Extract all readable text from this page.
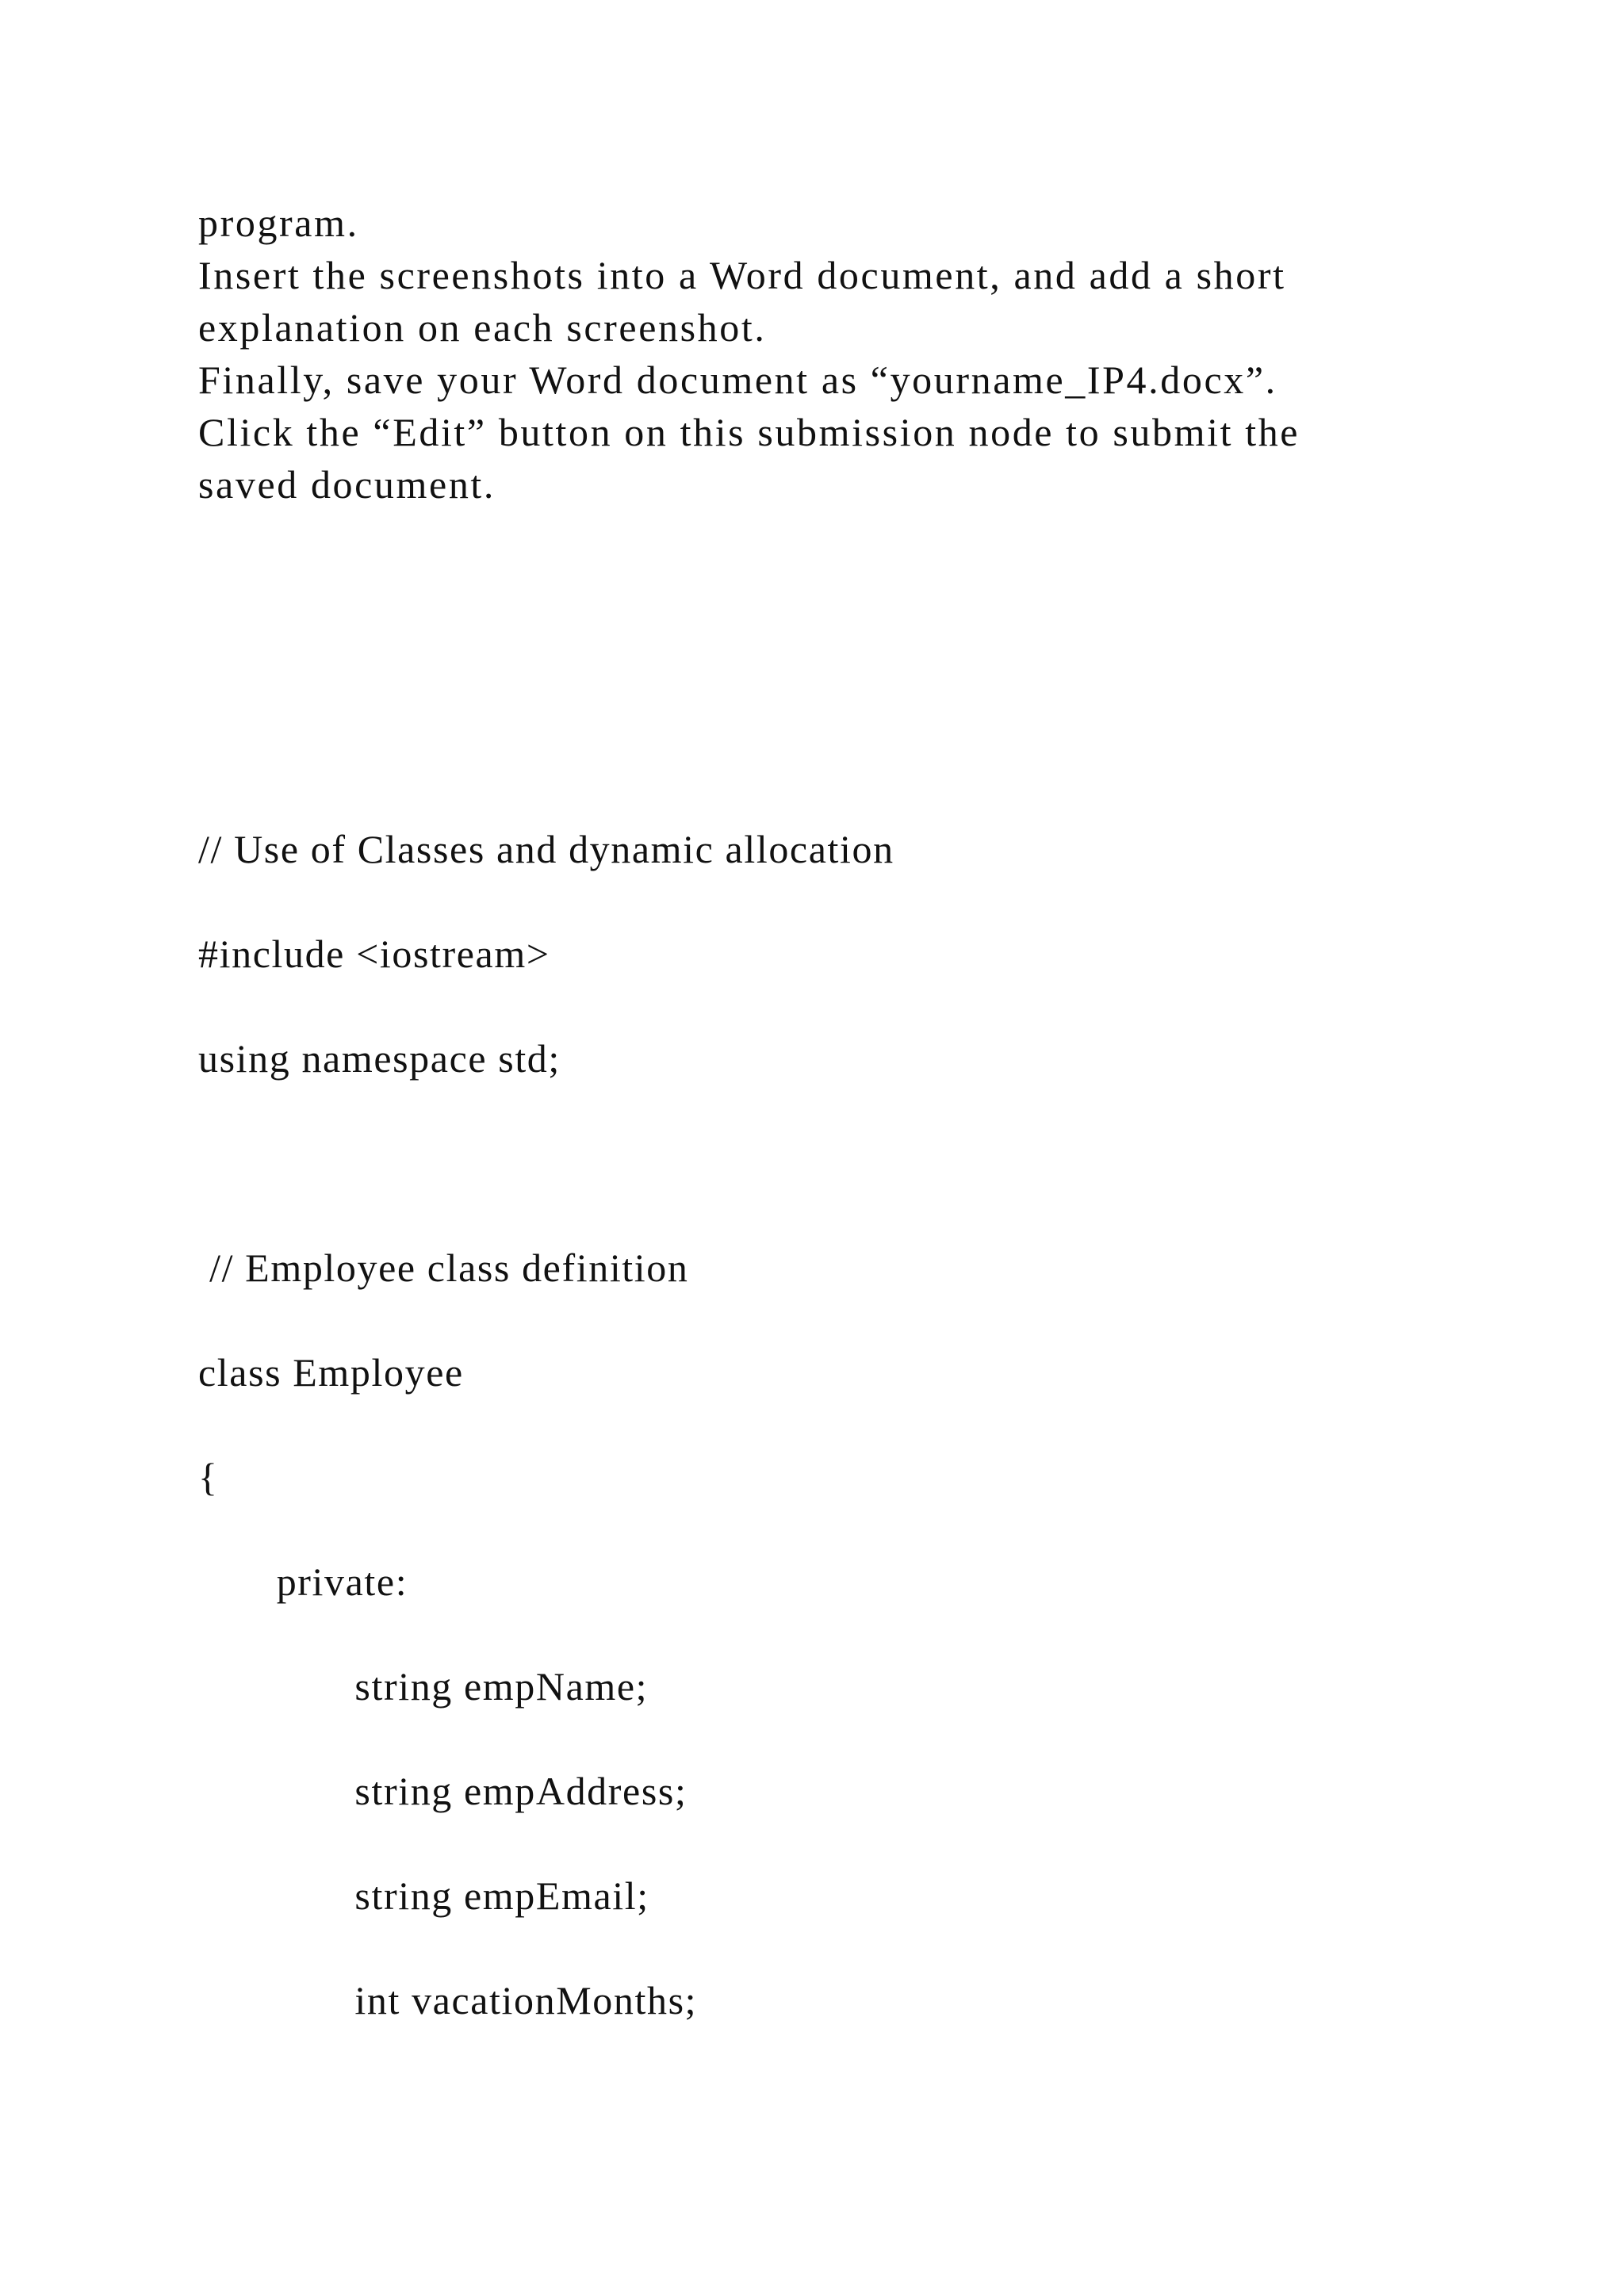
program.
Insert the screenshots into a Word document, and add a short
explanation on each screenshot.
Finally, save your Word document as “yourname_IP4.docx”.
Click the “Edit” button on this submission node to submit the
saved document.
// Use of Classes and dynamic allocation
#include <iostream>
using namespace std;
// Employee class definition
class Employee
{
private:
string empName;
string empAddress;
string empEmail;
int vacationMonths;
